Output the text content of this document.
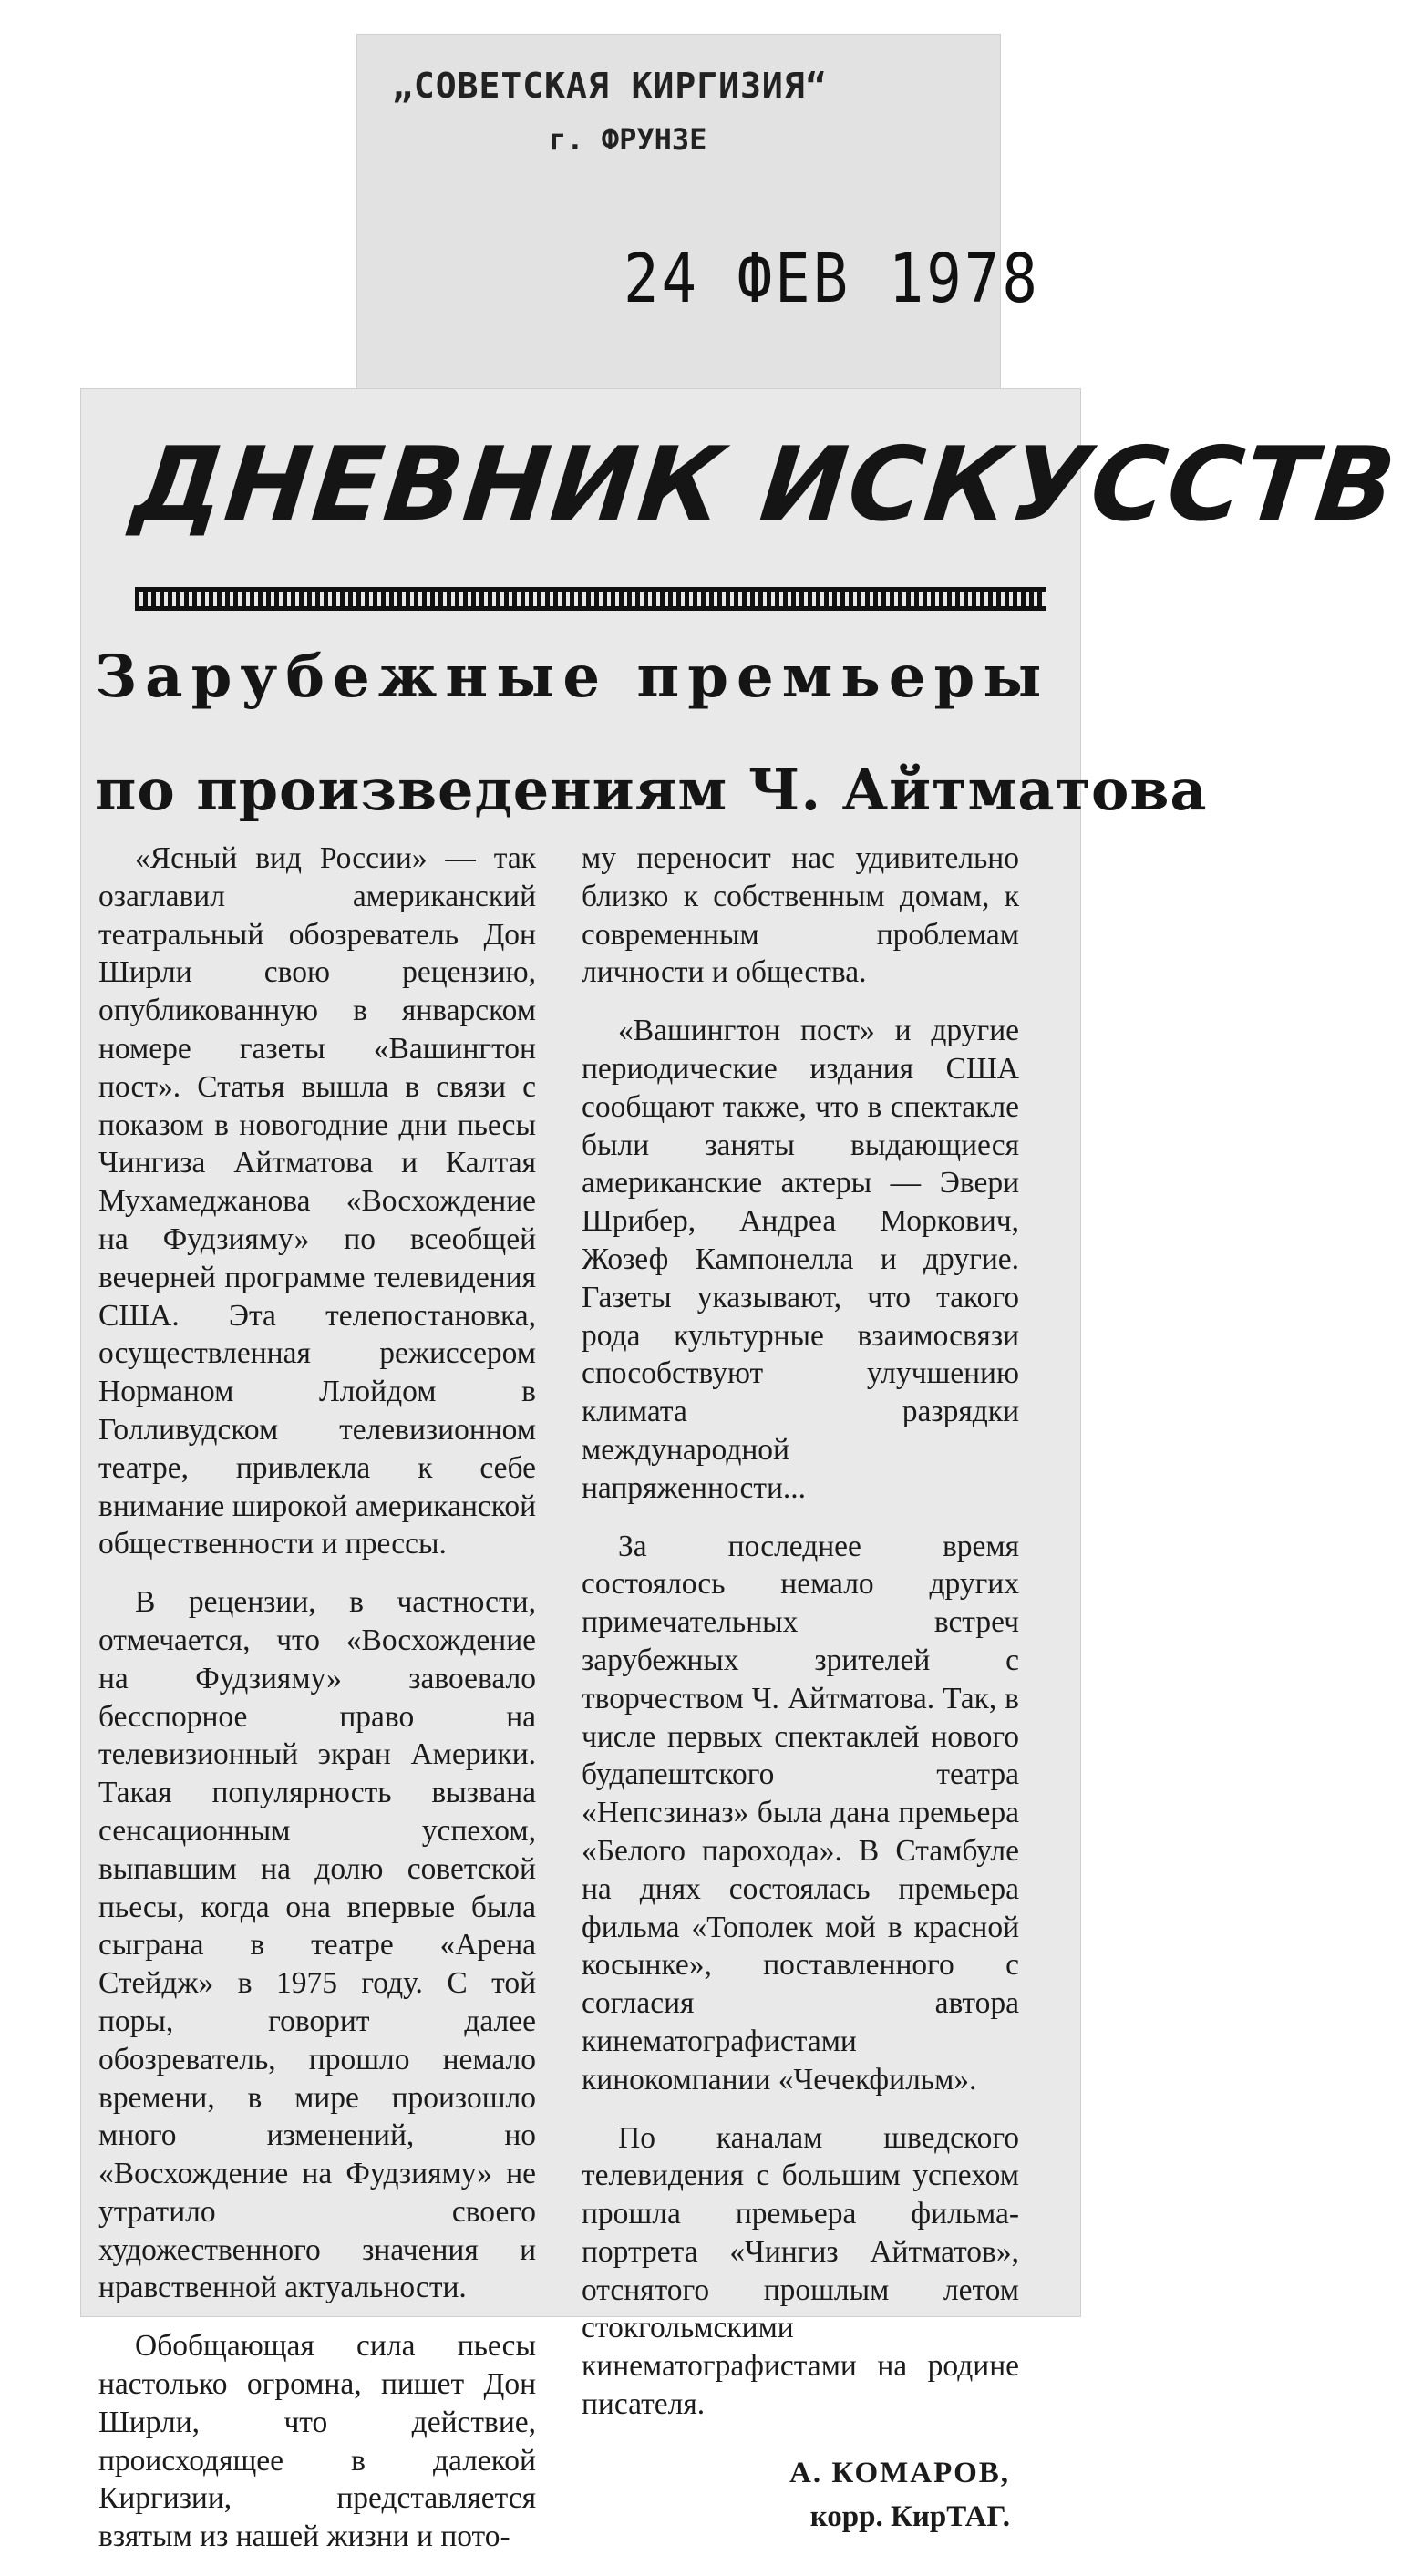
„СОВЕТСКАЯ КИРГИЗИЯ“
г. ФРУНЗЕ
24 ФЕВ 1978
ДНЕВНИК ИСКУССТВ
Зарубежные премьеры
по произведениям Ч. Айтматова

«Ясный вид России» — так озаглавил американский театральный обозреватель Дон Ширли свою рецензию, опубликованную в январском номере газеты «Вашингтон пост». Статья вышла в связи с показом в новогодние дни пьесы Чингиза Айтматова и Калтая Мухамеджанова «Восхождение на Фудзияму» по всеобщей вечерней программе телевидения США. Эта телепостановка, осуществленная режиссером Норманом Ллойдом в Голливудском телевизионном театре, привлекла к себе внимание широкой американской общественности и прессы.

В рецензии, в частности, отмечается, что «Восхождение на Фудзияму» завоевало бесспорное право на телевизионный экран Америки. Такая популярность вызвана сенсационным успехом, выпавшим на долю советской пьесы, когда она впервые была сыграна в театре «Арена Стейдж» в 1975 году. С той поры, говорит далее обозреватель, прошло немало времени, в мире произошло много изменений, но «Восхождение на Фудзияму» не утратило своего художественного значения и нравственной актуальности.

Обобщающая сила пьесы настолько огромна, пишет Дон Ширли, что действие, происходящее в далекой Киргизии, представляется взятым из нашей жизни и пото-

му переносит нас удивительно близко к собственным домам, к современным проблемам личности и общества.

«Вашингтон пост» и другие периодические издания США сообщают также, что в спектакле были заняты выдающиеся американские актеры — Эвери Шрибер, Андреа Моркович, Жозеф Кампонелла и другие. Газеты указывают, что такого рода культурные взаимосвязи способствуют улучшению климата разрядки международной напряженности...

За последнее время состоялось немало других примечательных встреч зарубежных зрителей с творчеством Ч. Айтматова. Так, в числе первых спектаклей нового будапештского театра «Непсзиназ» была дана премьера «Белого парохода». В Стамбуле на днях состоялась премьера фильма «Тополек мой в красной косынке», поставленного с согласия автора кинематографистами кинокомпании «Чечекфильм».

По каналам шведского телевидения с большим успехом прошла премьера фильма-портрета «Чингиз Айтматов», отснятого прошлым летом стокгольмскими кинематографистами на родине писателя.

А. КОМАРОВ,
корр. КирТАГ.
